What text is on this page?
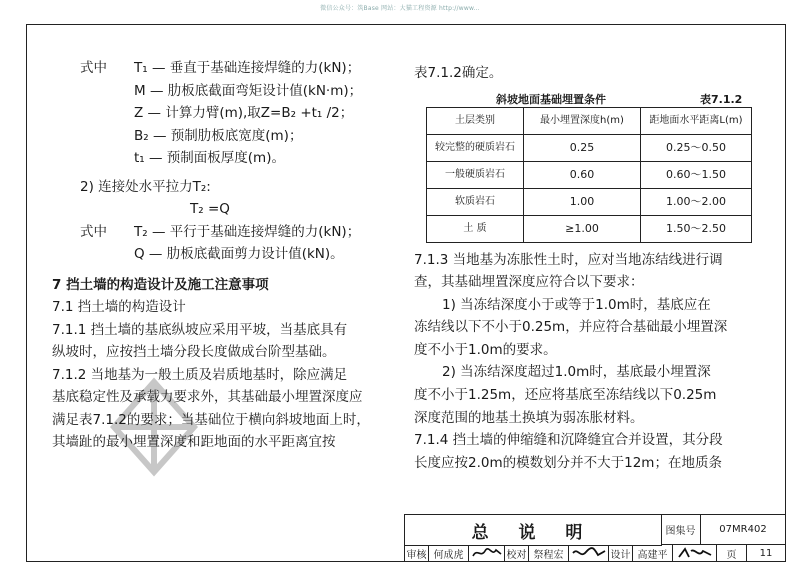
微信公众号：筑Base 网站：大猫工程资源 http://www...
式中　　T₁ — 垂直于基础连接焊缝的力(kN)；
M — 肋板底截面弯矩设计值(kN·m)；
Z — 计算力臂(m),取Z=B₂ +t₁ /2；
B₂ — 预制肋板底宽度(m)；
t₁ — 预制面板厚度(m)。
2) 连接处水平拉力T₂:
T₂ =Q
式中　　T₂ — 平行于基础连接焊缝的力(kN)；
Q — 肋板底截面剪力设计值(kN)。
7 挡土墙的构造设计及施工注意事项
7.1 挡土墙的构造设计
7.1.1 挡土墙的基底纵坡应采用平坡，当基底具有
纵坡时，应按挡土墙分段长度做成台阶型基础。
7.1.2 当地基为一般土质及岩质地基时，除应满足
基底稳定性及承载力要求外，其基础最小埋置深度应
满足表7.1.2的要求；当基础位于横向斜坡地面上时，
其墙趾的最小埋置深度和距地面的水平距离宜按
表7.1.2确定。
斜坡地面基础埋置条件	表7.1.2
土层类别	最小埋置深度h(m)	距地面水平距离L(m)
较完整的硬质岩石	0.25	0.25～0.50
一般硬质岩石	0.60	0.60～1.50
软质岩石	1.00	1.00～2.00
土 质	≥1.00	1.50～2.50
7.1.3 当地基为冻胀性土时，应对当地冻结线进行调
查，其基础埋置深度应符合以下要求：
1) 当冻结深度小于或等于1.0m时，基底应在
冻结线以下不小于0.25m，并应符合基础最小埋置深
度不小于1.0m的要求。
2) 当冻结深度超过1.0m时，基底最小埋置深
度不小于1.25m，还应将基底至冻结线以下0.25m
深度范围的地基土换填为弱冻胀材料。
7.1.4 挡土墙的伸缩缝和沉降缝宜合并设置，其分段
长度应按2.0m的模数划分并不大于12m；在地质条
总 说 明	图集号	07MR402
审核 何成虎	校对 祭程宏	设计 高建平	页	11
